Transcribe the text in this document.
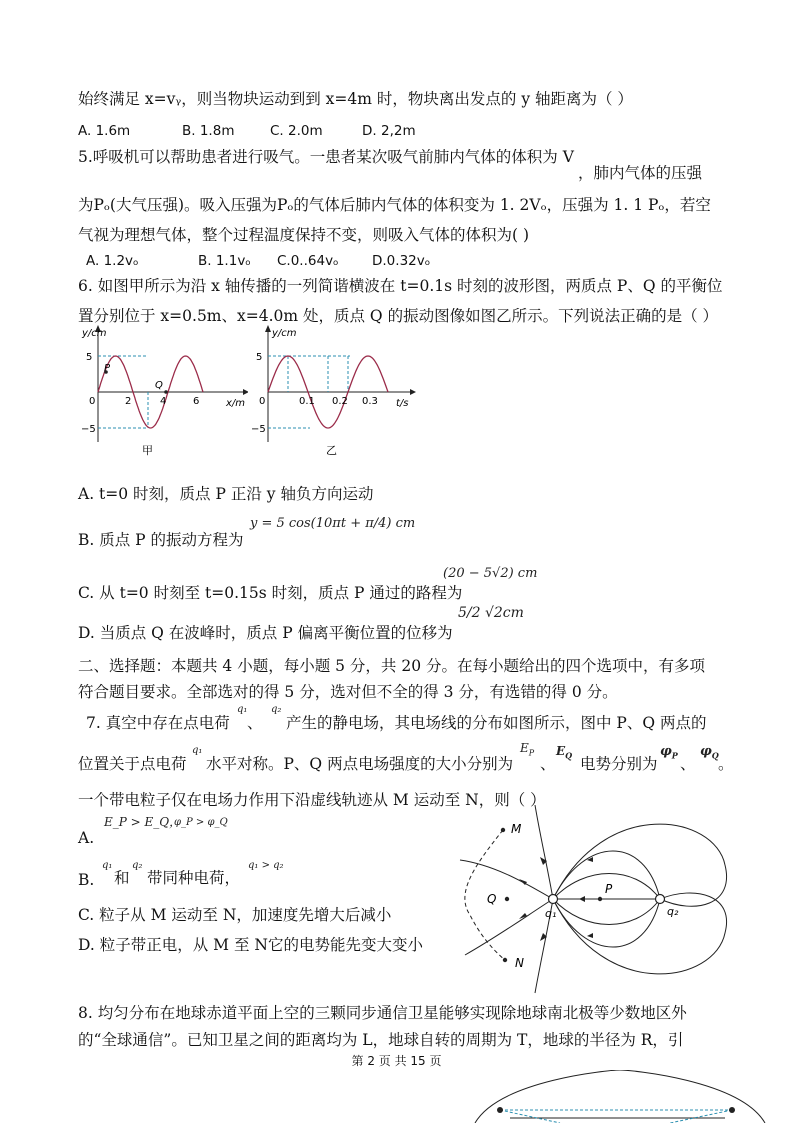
始终满足 x=vᵧ，则当物块运动到到 x=4m 时，物块离出发点的 y 轴距离为（ ）
A. 1.6m	B. 1.8m	C. 2.0m	D. 2,2m
5.呼吸机可以帮助患者进行吸气。一患者某次吸气前肺内气体的体积为 V
，肺内气体的压强
为Pₒ(大气压强)。吸入压强为Pₒ的气体后肺内气体的体积变为 1. 2Vₒ，压强为 1. 1 Pₒ，若空
气视为理想气体，整个过程温度保持不变，则吸入气体的体积为( )
A. 1.2vₒ	B. 1.1vₒ C.0..64vₒ D.0.32vₒ
6. 如图甲所示为沿 x 轴传播的一列简谐横波在 t=0.1s 时刻的波形图，两质点 P、Q 的平衡位
置分别位于 x=0.5m、x=4.0m 处，质点 Q 的振动图像如图乙所示。下列说法正确的是（ ）
y/cm
x/m
5
−5
0	2	4	6
P
Q
甲
y/cm
t/s
5
−5
0	0.1 0.2 0.3
乙
A. t=0 时刻，质点 P 正沿 y 轴负方向运动
B. 质点 P 的振动方程为
y = 5 cos(10πt + π/4) cm
C. 从 t=0 时刻至 t=0.15s 时刻，质点 P 通过的路程为
(20 − 5√2) cm
D. 当质点 Q 在波峰时，质点 P 偏离平衡位置的位移为
5/2 √2cm
二、选择题：本题共 4 小题，每小题 5 分，共 20 分。在每小题给出的四个选项中，有多项
符合题目要求。全部选对的得 5 分，选对但不全的得 3 分，有选错的得 0 分。
7. 真空中存在点电荷
q₁
、
q₂
产生的静电场，其电场线的分布如图所示，图中 P、Q 两点的
位置关于点电荷
q₁
水平对称。P、Q 两点电场强度的大小分别为
$E_P$
、
$E_Q$ 电势分别为
$\varphi_P$ 、
$\varphi_Q$ 。
一个带电粒子仅在电场力作用下沿虚线轨迹从 M 运动至 N，则（ ）
A.
E_P > E_Q，
φ_P > φ_Q
B.
q₁
和
q₂
带同种电荷，
q₁ > q₂
C. 粒子从 M 运动至 N，加速度先增大后减小
D. 粒子带正电，从 M 至 N它的电势能先变大变小
M
N
P
Q
q₁	q₂
8. 均匀分布在地球赤道平面上空的三颗同步通信卫星能够实现除地球南北极等少数地区外
的“全球通信”。已知卫星之间的距离均为 L，地球自转的周期为 T，地球的半径为 R，引
第 2 页 共 15 页
